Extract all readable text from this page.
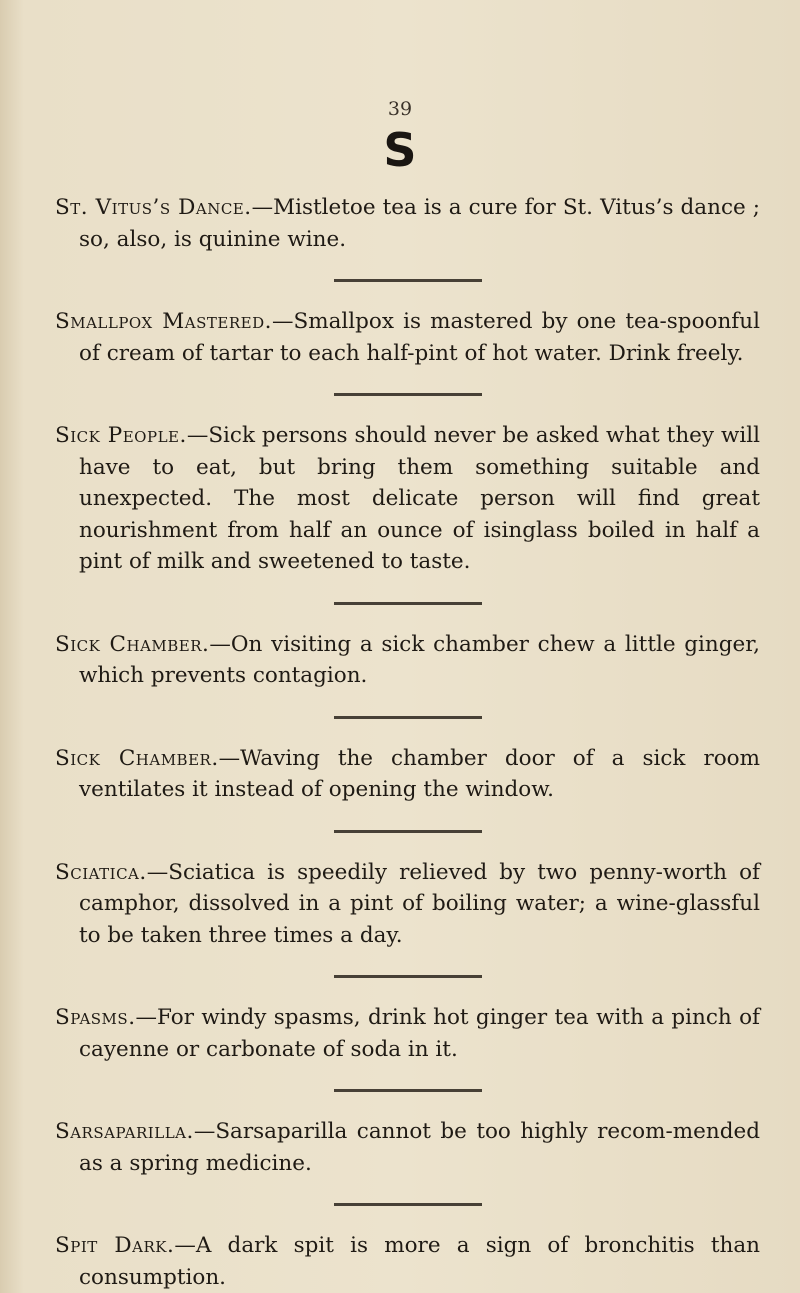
39
S

St. Vitus’s Dance.—Mistletoe tea is a cure for St. Vitus’s dance ; so, also, is quinine wine.

Smallpox Mastered.—Smallpox is mastered by one tea-spoonful of cream of tartar to each half-pint of hot water. Drink freely.

Sick People.—Sick persons should never be asked what they will have to eat, but bring them something suitable and unexpected. The most delicate person will find great nourishment from half an ounce of isinglass boiled in half a pint of milk and sweetened to taste.

Sick Chamber.—On visiting a sick chamber chew a little ginger, which prevents contagion.

Sick Chamber.—Waving the chamber door of a sick room ventilates it instead of opening the window.

Sciatica.—Sciatica is speedily relieved by two penny-worth of camphor, dissolved in a pint of boiling water; a wine-glassful to be taken three times a day.

Spasms.—For windy spasms, drink hot ginger tea with a pinch of cayenne or carbonate of soda in it.

Sarsaparilla.—Sarsaparilla cannot be too highly recom-mended as a spring medicine.

Spit Dark.—A dark spit is more a sign of bronchitis than consumption.
